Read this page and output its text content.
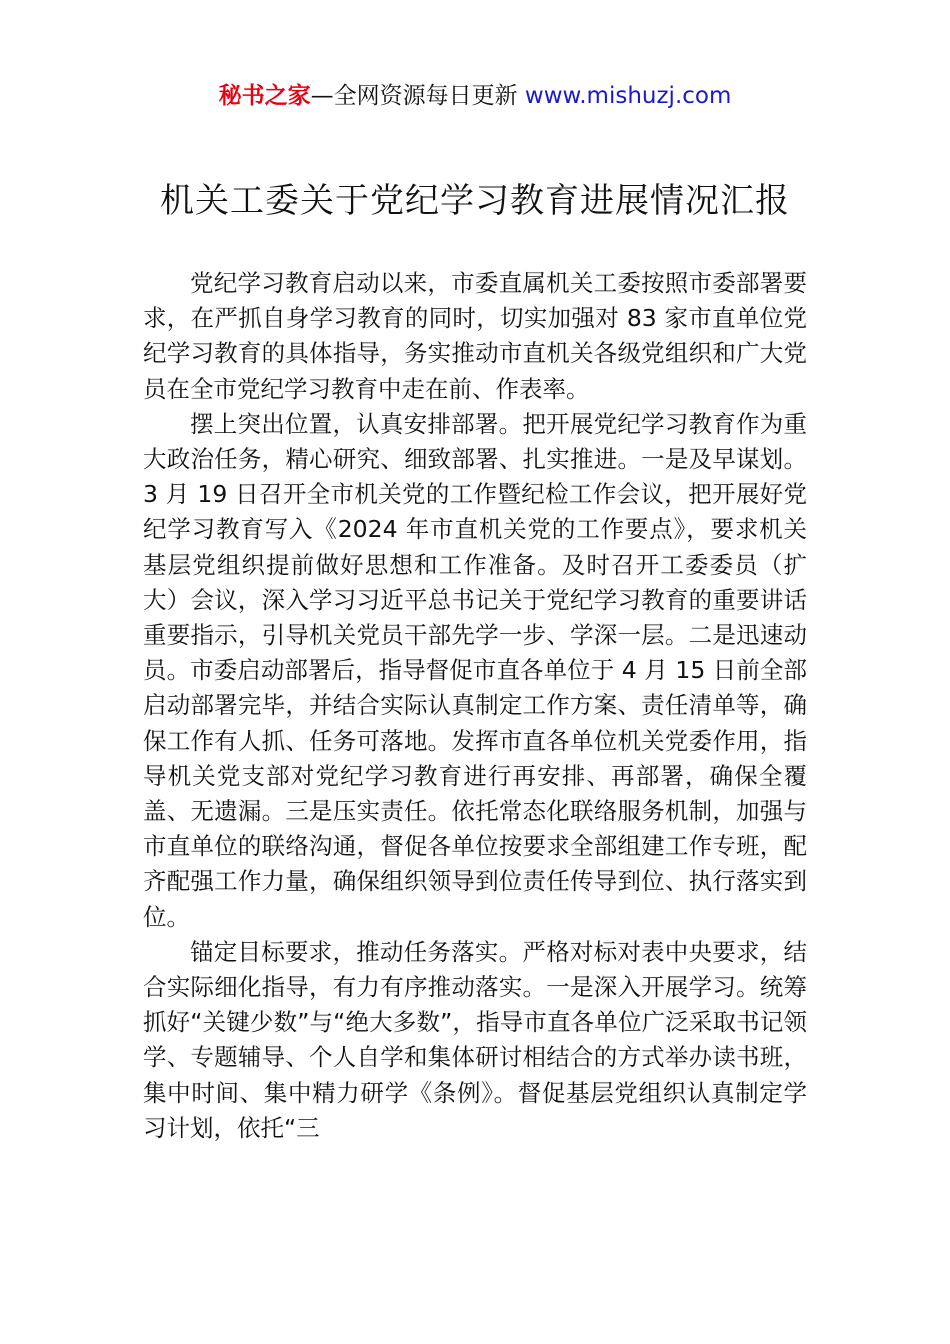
秘书之家—全网资源每日更新 www.mishuzj.com
机关工委关于党纪学习教育进展情况汇报

党纪学习教育启动以来，市委直属机关工委按照市委部署要求，在严抓自身学习教育的同时，切实加强对 83 家市直单位党纪学习教育的具体指导，务实推动市直机关各级党组织和广大党员在全市党纪学习教育中走在前、作表率。

摆上突出位置，认真安排部署。把开展党纪学习教育作为重大政治任务，精心研究、细致部署、扎实推进。一是及早谋划。3 月 19 日召开全市机关党的工作暨纪检工作会议，把开展好党纪学习教育写入《2024 年市直机关党的工作要点》，要求机关基层党组织提前做好思想和工作准备。及时召开工委委员（扩大）会议，深入学习习近平总书记关于党纪学习教育的重要讲话重要指示，引导机关党员干部先学一步、学深一层。二是迅速动员。市委启动部署后，指导督促市直各单位于 4 月 15 日前全部启动部署完毕，并结合实际认真制定工作方案、责任清单等，确保工作有人抓、任务可落地。发挥市直各单位机关党委作用，指导机关党支部对党纪学习教育进行再安排、再部署，确保全覆盖、无遗漏。三是压实责任。依托常态化联络服务机制，加强与市直单位的联络沟通，督促各单位按要求全部组建工作专班，配齐配强工作力量，确保组织领导到位责任传导到位、执行落实到位。

锚定目标要求，推动任务落实。严格对标对表中央要求，结合实际细化指导，有力有序推动落实。一是深入开展学习。统筹抓好“关键少数”与“绝大多数”，指导市直各单位广泛采取书记领学、专题辅导、个人自学和集体研讨相结合的方式举办读书班，集中时间、集中精力研学《条例》。督促基层党组织认真制定学习计划，依托“三
